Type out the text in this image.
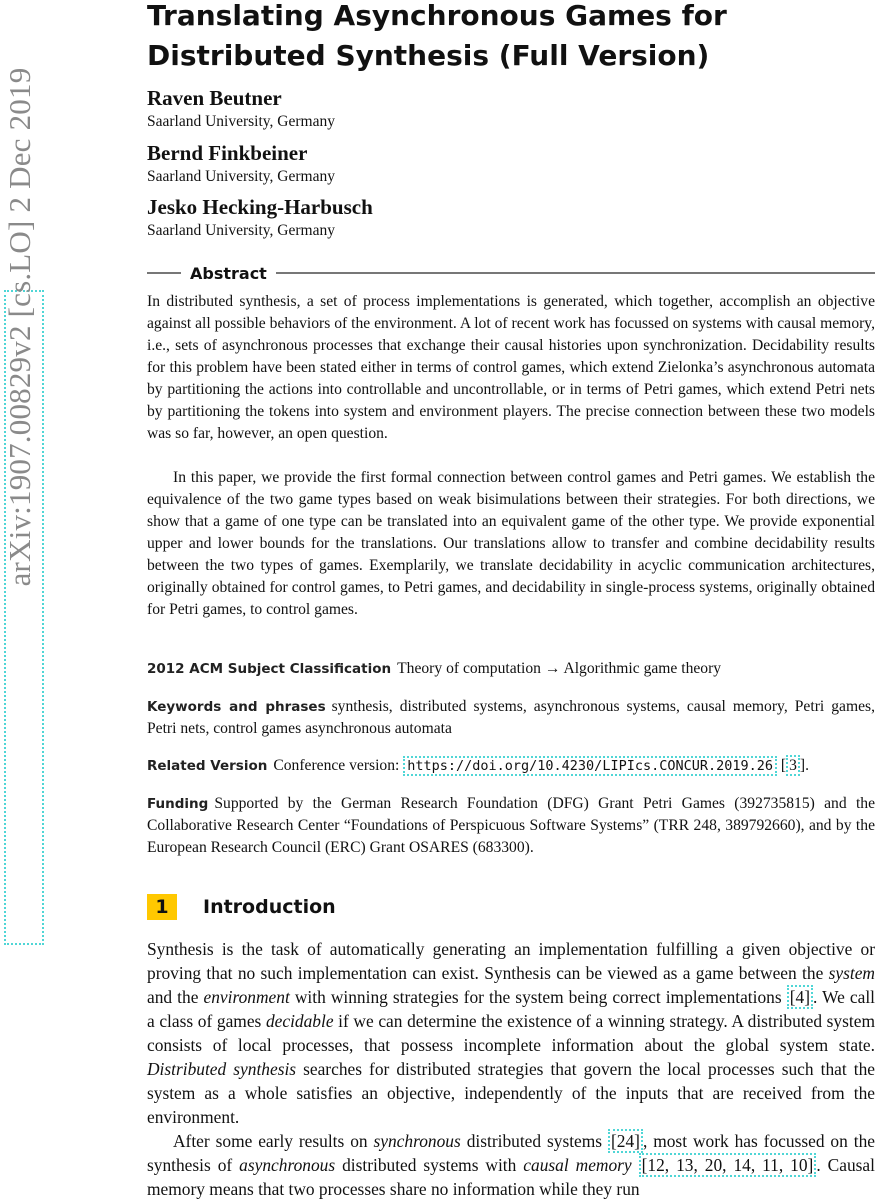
arXiv:1907.00829v2 [cs.LO] 2 Dec 2019
Translating Asynchronous Games for Distributed Synthesis (Full Version)
Raven Beutner
Saarland University, Germany
Bernd Finkbeiner
Saarland University, Germany
Jesko Hecking-Harbusch
Saarland University, Germany
Abstract

In distributed synthesis, a set of process implementations is generated, which together, accomplish an objective against all possible behaviors of the environment. A lot of recent work has focussed on systems with causal memory, i.e., sets of asynchronous processes that exchange their causal histories upon synchronization. Decidability results for this problem have been stated either in terms of control games, which extend Zielonka’s asynchronous automata by partitioning the actions into controllable and uncontrollable, or in terms of Petri games, which extend Petri nets by partitioning the tokens into system and environment players. The precise connection between these two models was so far, however, an open question.

In this paper, we provide the first formal connection between control games and Petri games. We establish the equivalence of the two game types based on weak bisimulations between their strategies. For both directions, we show that a game of one type can be translated into an equivalent game of the other type. We provide exponential upper and lower bounds for the translations. Our translations allow to transfer and combine decidability results between the two types of games. Exemplarily, we translate decidability in acyclic communication architectures, originally obtained for control games, to Petri games, and decidability in single-process systems, originally obtained for Petri games, to control games.

2012 ACM Subject Classification Theory of computation → Algorithmic game theory

Keywords and phrases synthesis, distributed systems, asynchronous systems, causal memory, Petri games, Petri nets, control games asynchronous automata

Related Version Conference version: https://doi.org/10.4230/LIPIcs.CONCUR.2019.26 [ 3 ].

Funding Supported by the German Research Foundation (DFG) Grant Petri Games (392735815) and the Collaborative Research Center “Foundations of Perspicuous Software Systems” (TRR 248, 389792660), and by the European Research Council (ERC) Grant OSARES (683300).

1	Introduction

Synthesis is the task of automatically generating an implementation fulfilling a given objective or proving that no such implementation can exist. Synthesis can be viewed as a game between the system and the environment with winning strategies for the system being correct implementations [4] . We call a class of games decidable if we can determine the existence of a winning strategy. A distributed system consists of local processes, that possess incomplete information about the global system state. Distributed synthesis searches for distributed strategies that govern the local processes such that the system as a whole satisfies an objective, independently of the inputs that are received from the environment.

After some early results on synchronous distributed systems [24] , most work has focussed on the synthesis of asynchronous distributed systems with causal memory [12, 13, 20, 14, 11, 10] . Causal memory means that two processes share no information while they run
